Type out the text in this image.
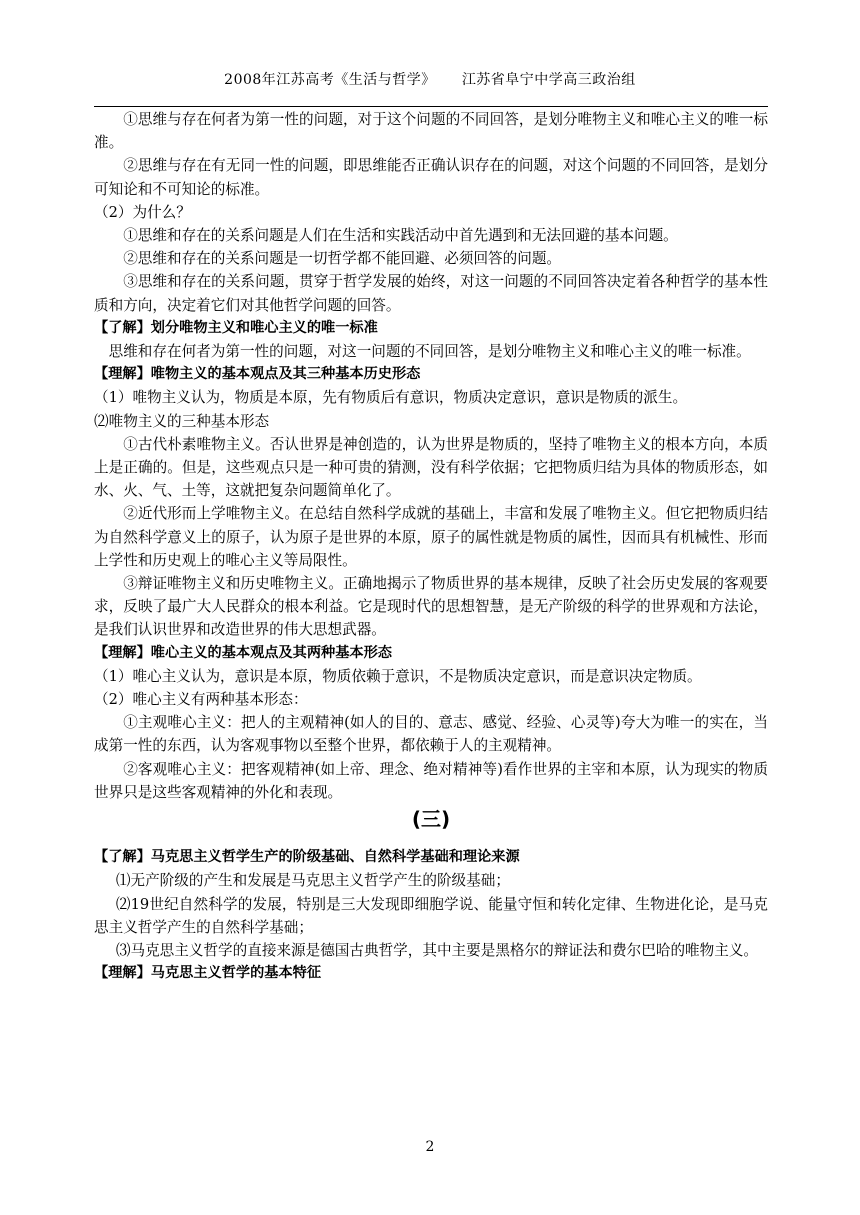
2008年江苏高考《生活与哲学》 江苏省阜宁中学高三政治组

①思维与存在何者为第一性的问题，对于这个问题的不同回答，是划分唯物主义和唯心主义的唯一标准。

②思维与存在有无同一性的问题，即思维能否正确认识存在的问题，对这个问题的不同回答，是划分可知论和不可知论的标准。

（2）为什么？

①思维和存在的关系问题是人们在生活和实践活动中首先遇到和无法回避的基本问题。

②思维和存在的关系问题是一切哲学都不能回避、必须回答的问题。

③思维和存在的关系问题，贯穿于哲学发展的始终，对这一问题的不同回答决定着各种哲学的基本性质和方向，决定着它们对其他哲学问题的回答。

【了解】划分唯物主义和唯心主义的唯一标准

思维和存在何者为第一性的问题，对这一问题的不同回答，是划分唯物主义和唯心主义的唯一标准。

【理解】唯物主义的基本观点及其三种基本历史形态

（1）唯物主义认为，物质是本原，先有物质后有意识，物质决定意识，意识是物质的派生。

⑵唯物主义的三种基本形态

①古代朴素唯物主义。否认世界是神创造的，认为世界是物质的，坚持了唯物主义的根本方向，本质上是正确的。但是，这些观点只是一种可贵的猜测，没有科学依据；它把物质归结为具体的物质形态，如水、火、气、土等，这就把复杂问题简单化了。

②近代形而上学唯物主义。在总结自然科学成就的基础上，丰富和发展了唯物主义。但它把物质归结为自然科学意义上的原子，认为原子是世界的本原，原子的属性就是物质的属性，因而具有机械性、形而上学性和历史观上的唯心主义等局限性。

③辩证唯物主义和历史唯物主义。正确地揭示了物质世界的基本规律，反映了社会历史发展的客观要求，反映了最广大人民群众的根本利益。它是现时代的思想智慧，是无产阶级的科学的世界观和方法论，是我们认识世界和改造世界的伟大思想武器。

【理解】唯心主义的基本观点及其两种基本形态

（1）唯心主义认为，意识是本原，物质依赖于意识，不是物质决定意识，而是意识决定物质。

（2）唯心主义有两种基本形态：

①主观唯心主义：把人的主观精神(如人的目的、意志、感觉、经验、心灵等)夸大为唯一的实在，当成第一性的东西，认为客观事物以至整个世界，都依赖于人的主观精神。

②客观唯心主义：把客观精神(如上帝、理念、绝对精神等)看作世界的主宰和本原，认为现实的物质世界只是这些客观精神的外化和表现。

(三)

【了解】马克思主义哲学生产的阶级基础、自然科学基础和理论来源

⑴无产阶级的产生和发展是马克思主义哲学产生的阶级基础；

⑵19世纪自然科学的发展，特别是三大发现即细胞学说、能量守恒和转化定律、生物进化论，是马克思主义哲学产生的自然科学基础；

⑶马克思主义哲学的直接来源是德国古典哲学，其中主要是黑格尔的辩证法和费尔巴哈的唯物主义。

【理解】马克思主义哲学的基本特征

2
